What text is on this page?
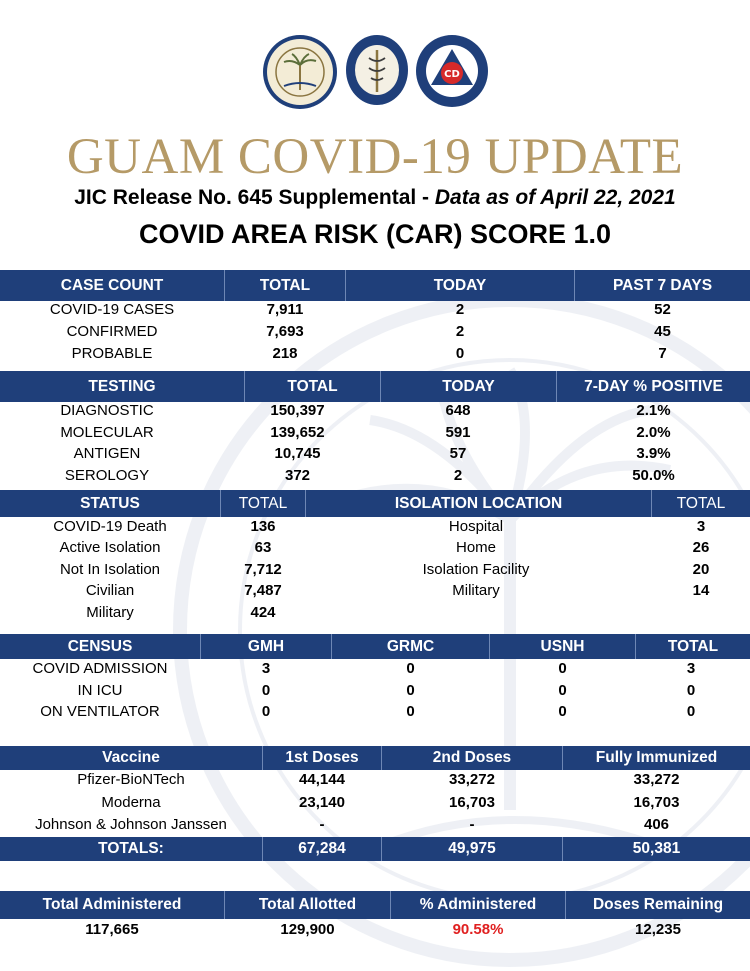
CD
GUAM COVID-19 UPDATE
JIC Release No. 645 Supplemental - Data as of April 22, 2021
COVID AREA RISK (CAR) SCORE 1.0
CASE COUNT	TOTAL	TODAY	PAST 7 DAYS
COVID-19 CASES	7,911	2	52
CONFIRMED	7,693	2	45
PROBABLE	218	0	7
TESTING	TOTAL	TODAY	7-DAY % POSITIVE
DIAGNOSTIC	150,397	648	2.1%
MOLECULAR	139,652	591	2.0%
ANTIGEN	10,745	57	3.9%
SEROLOGY	372	2	50.0%
STATUS	TOTAL	ISOLATION LOCATION	TOTAL
COVID-19 Death	136	Hospital	3
Active Isolation	63	Home	26
Not In Isolation	7,712	Isolation Facility	20
Civilian	7,487	Military	14
Military	424
CENSUS	GMH	GRMC	USNH	TOTAL
COVID ADMISSION	3	0	0	3
IN ICU	0	0	0	0
ON VENTILATOR	0	0	0	0
Vaccine	1st Doses	2nd Doses	Fully Immunized
Pfizer-BioNTech	44,144	33,272	33,272
Moderna	23,140	16,703	16,703
Johnson & Johnson Janssen	-	-	406
TOTALS:	67,284	49,975	50,381
Total Administered	Total Allotted	% Administered	Doses Remaining
117,665	129,900	90.58%	12,235
